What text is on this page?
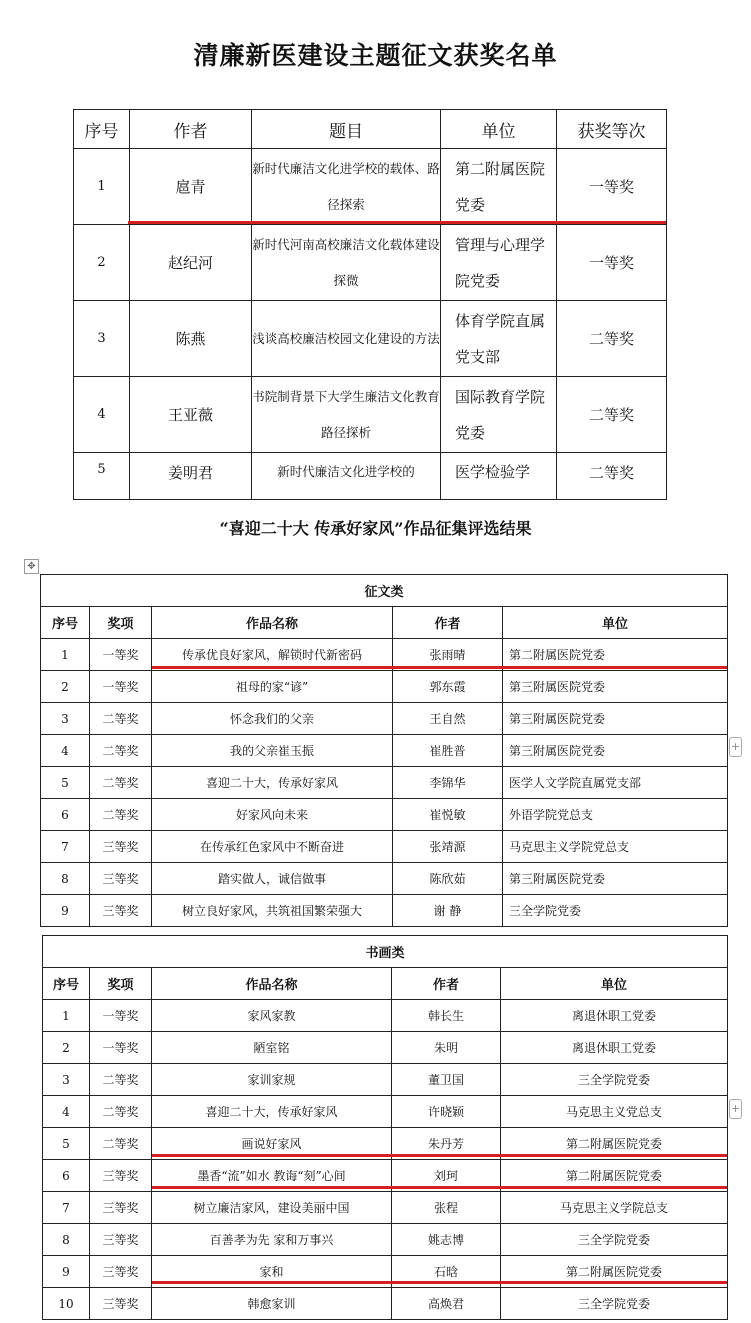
清廉新医建设主题征文获奖名单
序号	作者	题目	单位	获奖等次
1	扈青	新时代廉洁文化进学校的载体、路径探索	第二附属医院党委	一等奖
2	赵纪河	新时代河南高校廉洁文化载体建设探微	管理与心理学院党委	一等奖
3	陈燕	浅谈高校廉洁校园文化建设的方法	体育学院直属党支部	二等奖
4	王亚薇	书院制背景下大学生廉洁文化教育路径探析	国际教育学院党委	二等奖
5	姜明君	新时代廉洁文化进学校的	医学检验学	二等奖
“喜迎二十大 传承好家风”作品征集评选结果
✥
征文类				
序号	奖项	作品名称	作者	单位
1	一等奖	传承优良好家风，解锁时代新密码	张雨晴	第二附属医院党委
2	一等奖	祖母的家“谚”	郭东霞	第三附属医院党委
3	二等奖	怀念我们的父亲	王自然	第三附属医院党委
4	二等奖	我的父亲崔玉振	崔胜普	第三附属医院党委
5	二等奖	喜迎二十大，传承好家风	李锦华	医学人文学院直属党支部
6	二等奖	好家风向未来	崔悦敏	外语学院党总支
7	三等奖	在传承红色家风中不断奋进	张靖源	马克思主义学院党总支
8	三等奖	踏实做人，诚信做事	陈欣茹	第三附属医院党委
9	三等奖	树立良好家风，共筑祖国繁荣强大	谢 静	三全学院党委
+
书画类				
序号	奖项	作品名称	作者	单位
1	一等奖	家风家教	韩长生	离退休职工党委
2	一等奖	陋室铭	朱明	离退休职工党委
3	二等奖	家训家规	董卫国	三全学院党委
4	二等奖	喜迎二十大，传承好家风	许晓颖	马克思主义党总支
5	二等奖	画说好家风	朱丹芳	第二附属医院党委
6	三等奖	墨香“流”如水 教诲“刻”心间	刘珂	第二附属医院党委
7	三等奖	树立廉洁家风，建设美丽中国	张程	马克思主义学院总支
8	三等奖	百善孝为先 家和万事兴	姚志博	三全学院党委
9	三等奖	家和	石晗	第二附属医院党委
10	三等奖	韩愈家训	高焕君	三全学院党委
+
